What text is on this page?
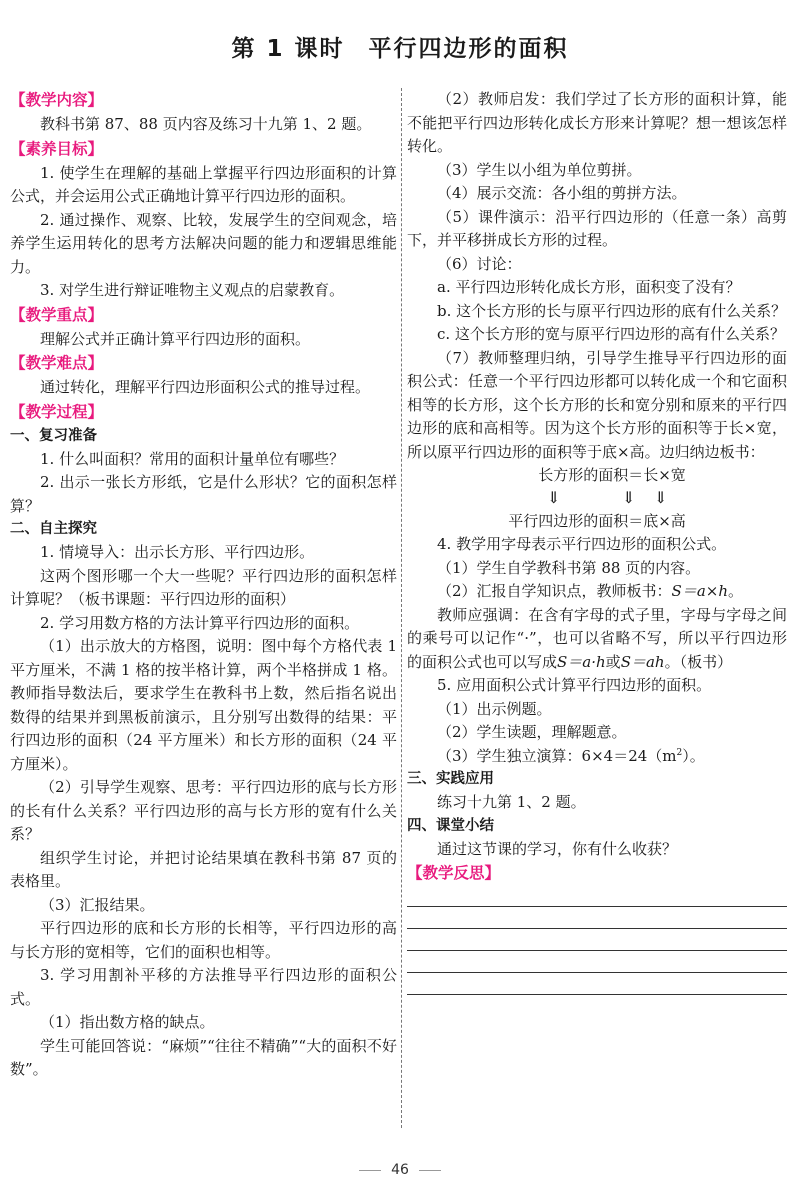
第 1 课时 平行四边形的面积
【教学内容】

教科书第 87、88 页内容及练习十九第 1、2 题。

【素养目标】

1. 使学生在理解的基础上掌握平行四边形面积的计算公式，并会运用公式正确地计算平行四边形的面积。

2. 通过操作、观察、比较，发展学生的空间观念，培养学生运用转化的思考方法解决问题的能力和逻辑思维能力。

3. 对学生进行辩证唯物主义观点的启蒙教育。

【教学重点】

理解公式并正确计算平行四边形的面积。

【教学难点】

通过转化，理解平行四边形面积公式的推导过程。

【教学过程】
一、复习准备

1. 什么叫面积？常用的面积计量单位有哪些？

2. 出示一张长方形纸，它是什么形状？它的面积怎样算？

二、自主探究

1. 情境导入：出示长方形、平行四边形。

这两个图形哪一个大一些呢？平行四边形的面积怎样计算呢？（板书课题：平行四边形的面积）

2. 学习用数方格的方法计算平行四边形的面积。

（1）出示放大的方格图，说明：图中每个方格代表 1 平方厘米，不满 1 格的按半格计算，两个半格拼成 1 格。教师指导数法后，要求学生在教科书上数，然后指名说出数得的结果并到黑板前演示，且分别写出数得的结果：平行四边形的面积（24 平方厘米）和长方形的面积（24 平方厘米）。

（2）引导学生观察、思考：平行四边形的底与长方形的长有什么关系？平行四边形的高与长方形的宽有什么关系？

组织学生讨论，并把讨论结果填在教科书第 87 页的表格里。

（3）汇报结果。

平行四边形的底和长方形的长相等，平行四边形的高与长方形的宽相等，它们的面积也相等。

3. 学习用割补平移的方法推导平行四边形的面积公式。

（1）指出数方格的缺点。

学生可能回答说：“麻烦”“往往不精确”“大的面积不好数”。

（2）教师启发：我们学过了长方形的面积计算，能不能把平行四边形转化成长方形来计算呢？想一想该怎样转化。

（3）学生以小组为单位剪拼。

（4）展示交流：各小组的剪拼方法。

（5）课件演示：沿平行四边形的（任意一条）高剪下，并平移拼成长方形的过程。

（6）讨论：

a. 平行四边形转化成长方形，面积变了没有？

b. 这个长方形的长与原平行四边形的底有什么关系？

c. 这个长方形的宽与原平行四边形的高有什么关系？

（7）教师整理归纳，引导学生推导平行四边形的面积公式：任意一个平行四边形都可以转化成一个和它面积相等的长方形，这个长方形的长和宽分别和原来的平行四边形的底和高相等。因为这个长方形的面积等于长×宽，所以原平行四边形的面积等于底×高。边归纳边板书：

长方形的面积＝长×宽

⇓	⇓ ⇓

平行四边形的面积＝底×高

4. 教学用字母表示平行四边形的面积公式。

（1）学生自学教科书第 88 页的内容。

（2）汇报自学知识点，教师板书：S＝a×h。

教师应强调：在含有字母的式子里，字母与字母之间的乘号可以记作“·”，也可以省略不写，所以平行四边形的面积公式也可以写成S＝a·h或S＝ah。（板书）

5. 应用面积公式计算平行四边形的面积。

（1）出示例题。

（2）学生读题，理解题意。

（3）学生独立演算：$6\times 4=24(m^2)$。

三、实践应用

练习十九第 1、2 题。

四、课堂小结

通过这节课的学习，你有什么收获？

【教学反思】
46
